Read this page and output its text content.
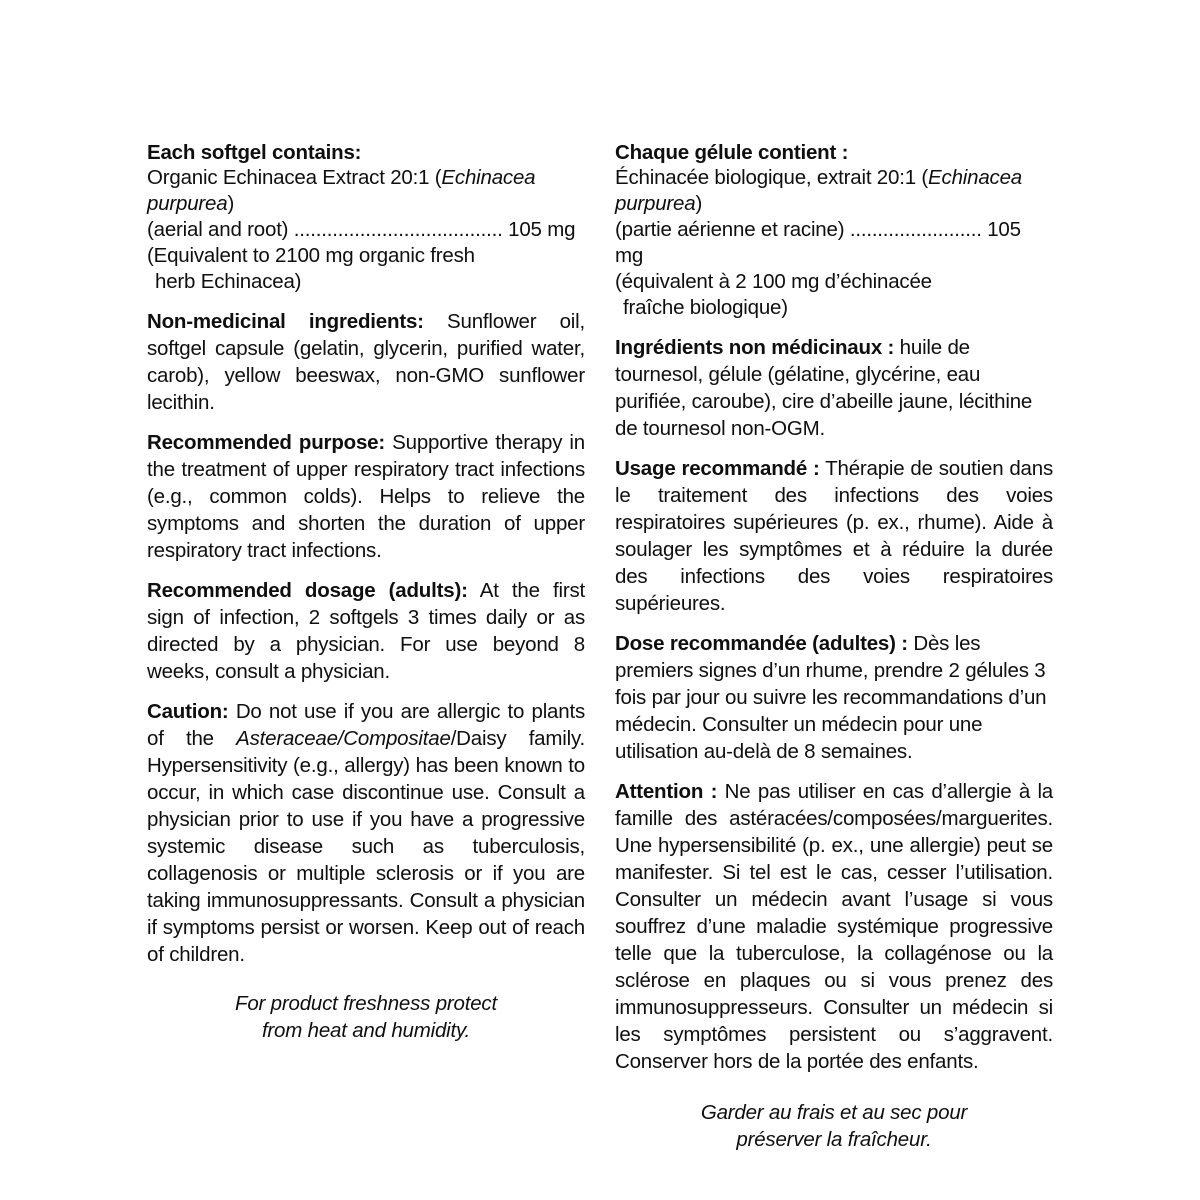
Each softgel contains:
Organic Echinacea Extract 20:1 (Echinacea purpurea)
(aerial and root) ...................................... 105 mg
(Equivalent to 2100 mg organic fresh
herb Echinacea)
Non-medicinal ingredients: Sunflower oil, softgel capsule (gelatin, glycerin, purified water, carob), yellow beeswax, non-GMO sunflower lecithin.
Recommended purpose: Supportive therapy in the treatment of upper respiratory tract infections (e.g., common colds). Helps to relieve the symptoms and shorten the duration of upper respiratory tract infections.
Recommended dosage (adults): At the first sign of infection, 2 softgels 3 times daily or as directed by a physician. For use beyond 8 weeks, consult a physician.
Caution: Do not use if you are allergic to plants of the Asteraceae/Compositae/Daisy family. Hypersensitivity (e.g., allergy) has been known to occur, in which case discontinue use. Consult a physician prior to use if you have a progressive systemic disease such as tuberculosis, collagenosis or multiple sclerosis or if you are taking immunosuppressants. Consult a physician if symptoms persist or worsen. Keep out of reach of children.
For product freshness protect
from heat and humidity.
Chaque gélule contient :
Échinacée biologique, extrait 20:1 (Echinacea purpurea)
(partie aérienne et racine) ........................ 105 mg
(équivalent à 2 100 mg d’échinacée
fraîche biologique)
Ingrédients non médicinaux : huile de tournesol, gélule (gélatine, glycérine, eau purifiée, caroube), cire d’abeille jaune, lécithine de tournesol non-OGM.
Usage recommandé : Thérapie de soutien dans le traitement des infections des voies respiratoires supérieures (p. ex., rhume). Aide à soulager les symptômes et à réduire la durée des infections des voies respiratoires supérieures.
Dose recommandée (adultes) : Dès les premiers signes d’un rhume, prendre 2 gélules 3 fois par jour ou suivre les recommandations d’un médecin. Consulter un médecin pour une utilisation au-delà de 8 semaines.
Attention : Ne pas utiliser en cas d’allergie à la famille des astéracées/composées/marguerites. Une hypersensibilité (p. ex., une allergie) peut se manifester. Si tel est le cas, cesser l’utilisation. Consulter un médecin avant l’usage si vous souffrez d’une maladie systémique progressive telle que la tuberculose, la collagénose ou la sclérose en plaques ou si vous prenez des immunosuppresseurs. Consulter un médecin si les symptômes persistent ou s’aggravent. Conserver hors de la portée des enfants.
Garder au frais et au sec pour
préserver la fraîcheur.
